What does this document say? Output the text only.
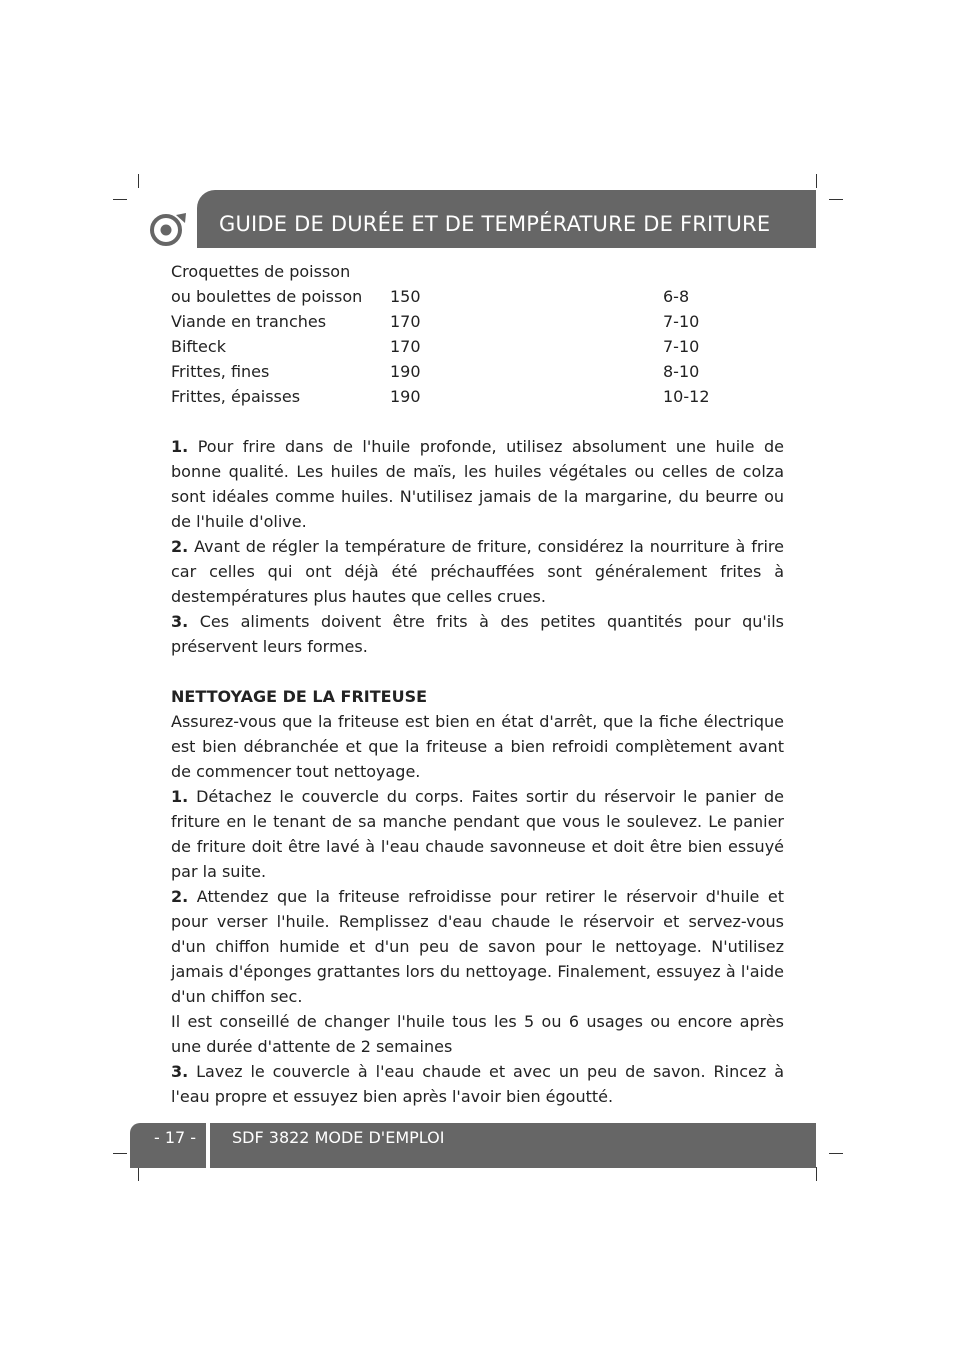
GUIDE DE DURÉE ET DE TEMPÉRATURE DE FRITURE
Croquettes de poisson
ou boulettes de poisson 150	6-8
Viande en tranches	170	7-10
Bifteck	170	7-10
Frittes, fines	190	8-10
Frittes, épaisses	190	10-12

1. Pour frire dans de l'huile profonde, utilisez absolument une huile de bonne qualité. Les huiles de maïs, les huiles végétales ou celles de colza sont idéales comme huiles. N'utilisez jamais de la margarine, du beurre ou de l'huile d'olive.

2. Avant de régler la température de friture, considérez la nourriture à frire car celles qui ont déjà été préchauffées sont généralement frites à destempératures plus hautes que celles crues.

3. Ces aliments doivent être frits à des petites quantités pour qu'ils préservent leurs formes.

NETTOYAGE DE LA FRITEUSE

Assurez-vous que la friteuse est bien en état d'arrêt, que la fiche électrique est bien débranchée et que la friteuse a bien refroidi complètement avant de commencer tout nettoyage.

1. Détachez le couvercle du corps. Faites sortir du réservoir le panier de friture en le tenant de sa manche pendant que vous le soulevez. Le panier de friture doit être lavé à l'eau chaude savonneuse et doit être bien essuyé par la suite.

2. Attendez que la friteuse refroidisse pour retirer le réservoir d'huile et pour verser l'huile. Remplissez d'eau chaude le réservoir et servez-vous d'un chiffon humide et d'un peu de savon pour le nettoyage. N'utilisez jamais d'éponges grattantes lors du nettoyage. Finalement, essuyez à l'aide d'un chiffon sec.

Il est conseillé de changer l'huile tous les 5 ou 6 usages ou encore après une durée d'attente de 2 semaines

3. Lavez le couvercle à l'eau chaude et avec un peu de savon. Rincez à l'eau propre et essuyez bien après l'avoir bien égoutté.

- 17 - SDF 3822 MODE D'EMPLOI
